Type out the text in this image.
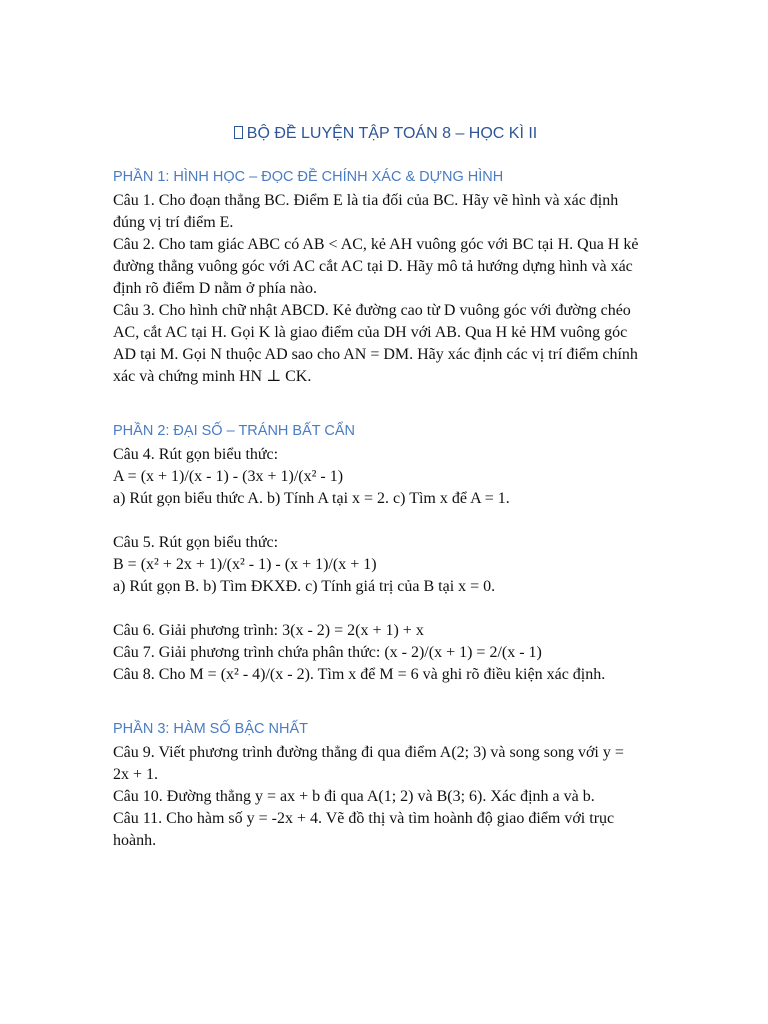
BỘ ĐỀ LUYỆN TẬP TOÁN 8 – HỌC KÌ II
PHẦN 1: HÌNH HỌC – ĐỌC ĐỀ CHÍNH XÁC & DỰNG HÌNH
Câu 1. Cho đoạn thẳng BC. Điểm E là tia đối của BC. Hãy vẽ hình và xác định
đúng vị trí điểm E.
Câu 2. Cho tam giác ABC có AB < AC, kẻ AH vuông góc với BC tại H. Qua H kẻ
đường thẳng vuông góc với AC cắt AC tại D. Hãy mô tả hướng dựng hình và xác
định rõ điểm D nằm ở phía nào.
Câu 3. Cho hình chữ nhật ABCD. Kẻ đường cao từ D vuông góc với đường chéo
AC, cắt AC tại H. Gọi K là giao điểm của DH với AB. Qua H kẻ HM vuông góc
AD tại M. Gọi N thuộc AD sao cho AN = DM. Hãy xác định các vị trí điểm chính
xác và chứng minh HN ⊥ CK.
PHẦN 2: ĐẠI SỐ – TRÁNH BẤT CẨN
Câu 4. Rút gọn biểu thức:
A = (x + 1)/(x - 1) - (3x + 1)/(x² - 1)
a) Rút gọn biểu thức A. b) Tính A tại x = 2. c) Tìm x để A = 1.
Câu 5. Rút gọn biểu thức:
B = (x² + 2x + 1)/(x² - 1) - (x + 1)/(x + 1)
a) Rút gọn B. b) Tìm ĐKXĐ. c) Tính giá trị của B tại x = 0.
Câu 6. Giải phương trình: 3(x - 2) = 2(x + 1) + x
Câu 7. Giải phương trình chứa phân thức: (x - 2)/(x + 1) = 2/(x - 1)
Câu 8. Cho M = (x² - 4)/(x - 2). Tìm x để M = 6 và ghi rõ điều kiện xác định.
PHẦN 3: HÀM SỐ BẬC NHẤT
Câu 9. Viết phương trình đường thẳng đi qua điểm A(2; 3) và song song với y =
2x + 1.
Câu 10. Đường thẳng y = ax + b đi qua A(1; 2) và B(3; 6). Xác định a và b.
Câu 11. Cho hàm số y = -2x + 4. Vẽ đồ thị và tìm hoành độ giao điểm với trục
hoành.
